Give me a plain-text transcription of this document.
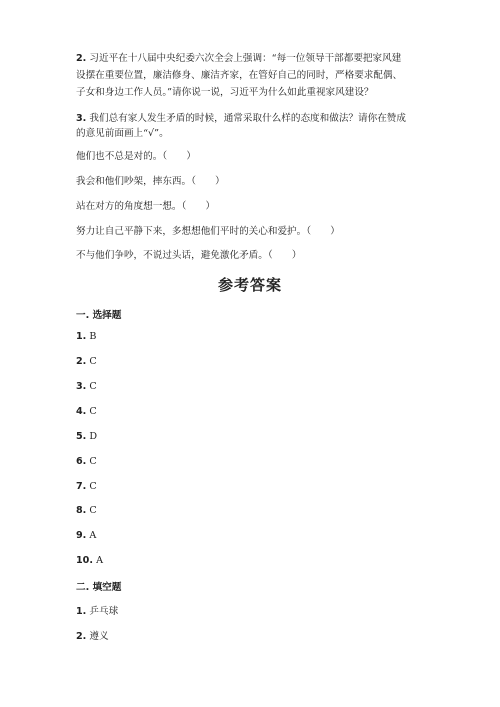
2. 习近平在十八届中央纪委六次全会上强调：“每一位领导干部都要把家风建
设摆在重要位置，廉洁修身、廉洁齐家，在管好自己的同时，严格要求配偶、
子女和身边工作人员。”请你说一说，习近平为什么如此重视家风建设？
3. 我们总有家人发生矛盾的时候，通常采取什么样的态度和做法？请你在赞成
的意见前面画上“√”。
他们也不总是对的。（　　）
我会和他们吵架，摔东西。（　　）
站在对方的角度想一想。（　　）
努力让自己平静下来，多想想他们平时的关心和爱护。（　　）
不与他们争吵，不说过头话，避免激化矛盾。（　　）
参考答案
一. 选择题
1. B
2. C
3. C
4. C
5. D
6. C
7. C
8. C
9. A
10. A
二. 填空题
1. 乒乓球
2. 遵义
